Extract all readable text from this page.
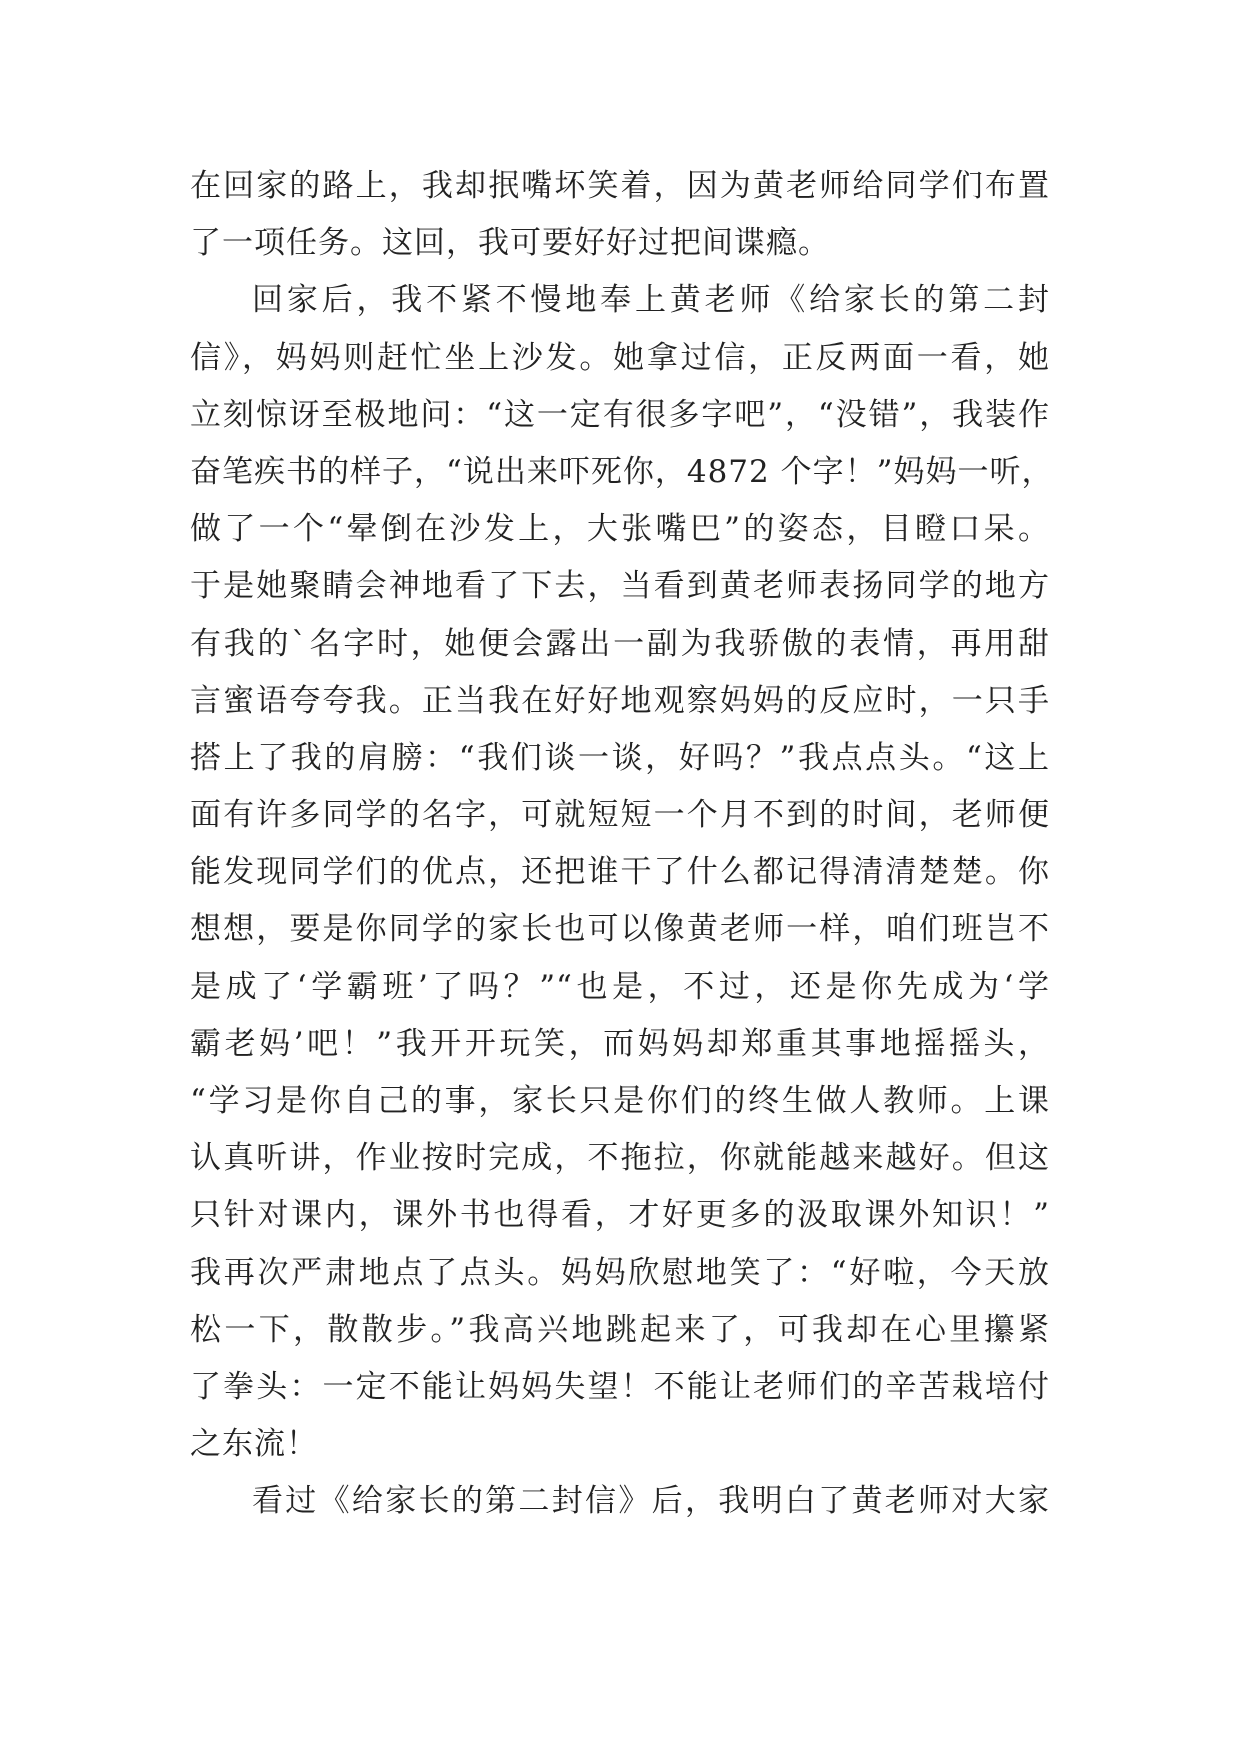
在回家的路上，我却抿嘴坏笑着，因为黄老师给同学们布置
了一项任务。这回，我可要好好过把间谍瘾。
回家后，我不紧不慢地奉上黄老师《给家长的第二封
信》，妈妈则赶忙坐上沙发。她拿过信，正反两面一看，她
立刻惊讶至极地问：“这一定有很多字吧”，“没错”，我装作
奋笔疾书的样子，“说出来吓死你，4872 个字！”妈妈一听，
做了一个“晕倒在沙发上，大张嘴巴”的姿态，目瞪口呆。
于是她聚睛会神地看了下去，当看到黄老师表扬同学的地方
有我的`名字时，她便会露出一副为我骄傲的表情，再用甜
言蜜语夸夸我。正当我在好好地观察妈妈的反应时，一只手
搭上了我的肩膀：“我们谈一谈，好吗？”我点点头。“这上
面有许多同学的名字，可就短短一个月不到的时间，老师便
能发现同学们的优点，还把谁干了什么都记得清清楚楚。你
想想，要是你同学的家长也可以像黄老师一样，咱们班岂不
是成了‘学霸班’了吗？”“也是，不过，还是你先成为‘学
霸老妈’吧！”我开开玩笑，而妈妈却郑重其事地摇摇头，
“学习是你自己的事，家长只是你们的终生做人教师。上课
认真听讲，作业按时完成，不拖拉，你就能越来越好。但这
只针对课内，课外书也得看，才好更多的汲取课外知识！”
我再次严肃地点了点头。妈妈欣慰地笑了：“好啦，今天放
松一下，散散步。”我高兴地跳起来了，可我却在心里攥紧
了拳头：一定不能让妈妈失望！不能让老师们的辛苦栽培付
之东流！
看过《给家长的第二封信》后，我明白了黄老师对大家
